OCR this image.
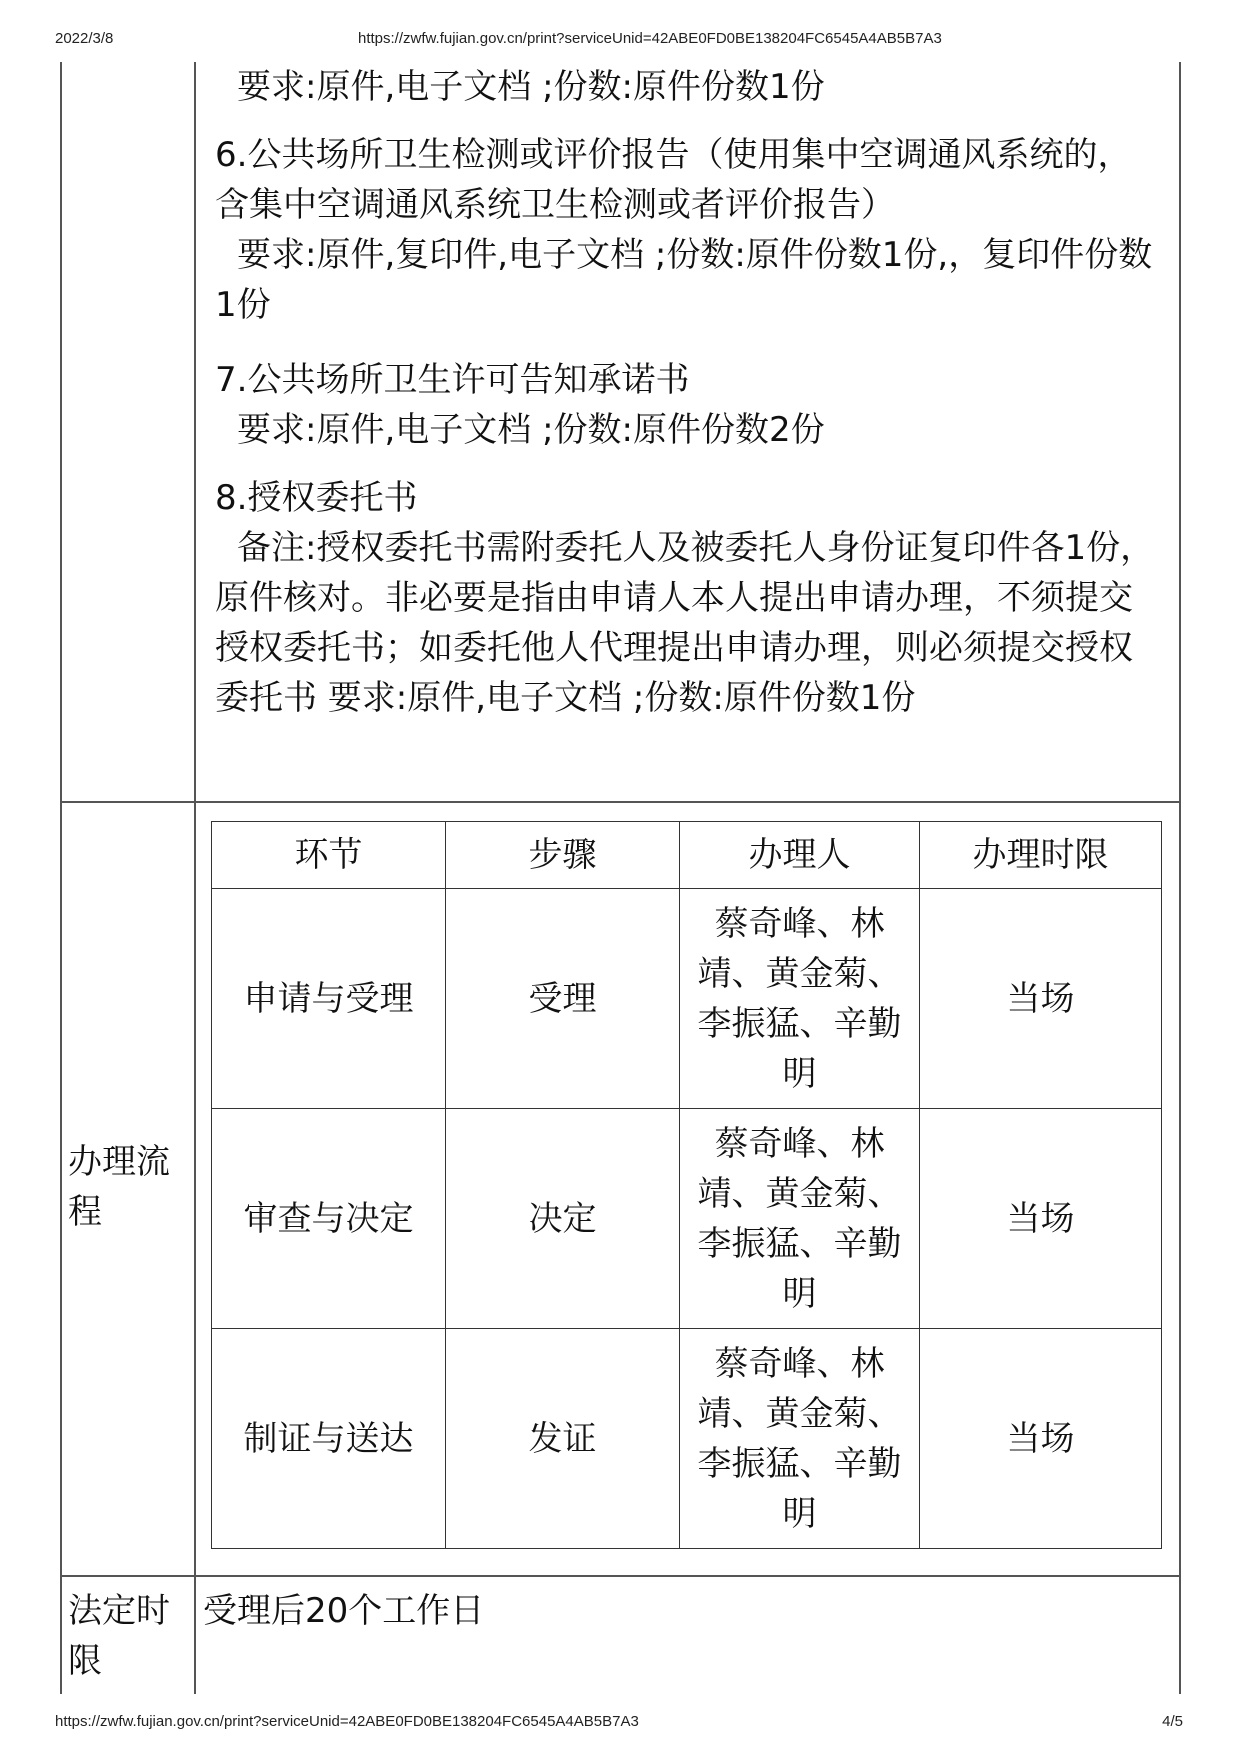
2022/3/8	https://zwfw.fujian.gov.cn/print?serviceUnid=42ABE0FD0BE138204FC6545A4AB5B7A3
要求:原件,电子文档 ;份数:原件份数1份
6.公共场所卫生检测或评价报告（使用集中空调通风系统的，含集中空调通风系统卫生检测或者评价报告）
要求:原件,复印件,电子文档 ;份数:原件份数1份,，复印件份数1份
7.公共场所卫生许可告知承诺书
要求:原件,电子文档 ;份数:原件份数2份
8.授权委托书
备注:授权委托书需附委托人及被委托人身份证复印件各1份，原件核对。非必要是指由申请人本人提出申请办理，不须提交授权委托书；如委托他人代理提出申请办理，则必须提交授权委托书 要求:原件,电子文档 ;份数:原件份数1份
办理流程
环节	步骤	办理人	办理时限
申请与受理	受理	蔡奇峰、林靖、黄金菊、李振猛、辛勤明	当场
审查与决定	决定	蔡奇峰、林靖、黄金菊、李振猛、辛勤明	当场
制证与送达	发证	蔡奇峰、林靖、黄金菊、李振猛、辛勤明	当场
法定时限
受理后20个工作日
https://zwfw.fujian.gov.cn/print?serviceUnid=42ABE0FD0BE138204FC6545A4AB5B7A3	4/5
